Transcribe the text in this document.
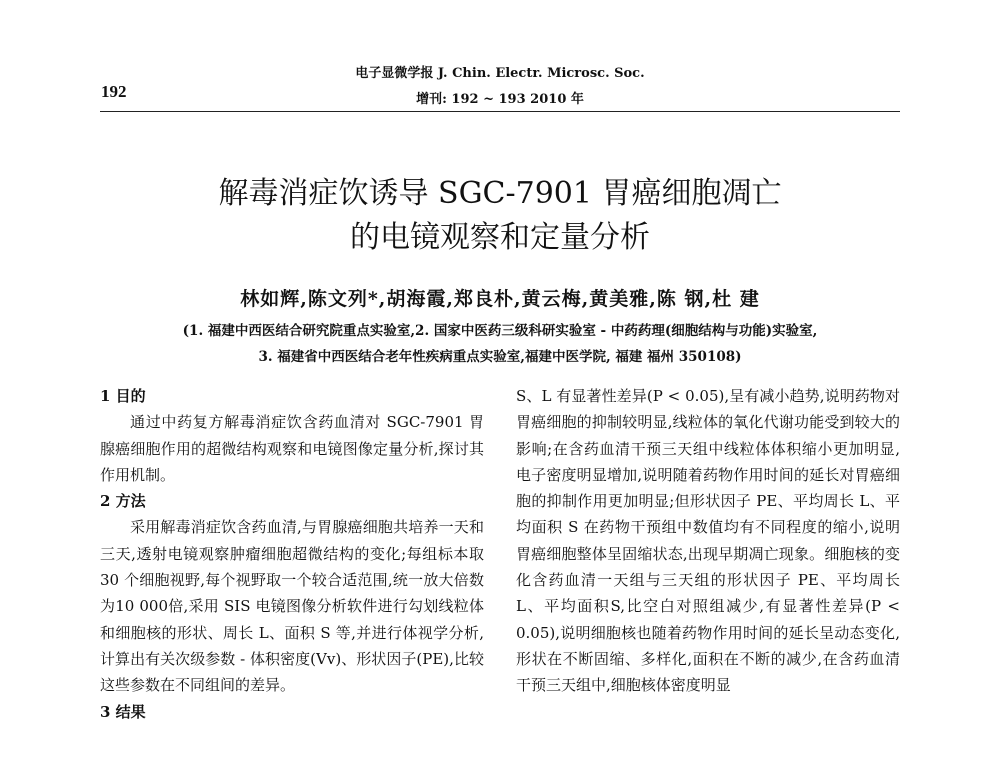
192
电子显微学报 J. Chin. Electr. Microsc. Soc.
增刊: 192 ~ 193 2010 年
解毒消症饮诱导 SGC-7901 胃癌细胞凋亡
的电镜观察和定量分析
林如辉,陈文列*,胡海霞,郑良朴,黄云梅,黄美雅,陈 钢,杜 建
(1. 福建中西医结合研究院重点实验室,2. 国家中医药三级科研实验室 - 中药药理(细胞结构与功能)实验室,
3. 福建省中西医结合老年性疾病重点实验室,福建中医学院, 福建 福州 350108)
1 目的
通过中药复方解毒消症饮含药血清对 SGC-7901 胃腺癌细胞作用的超微结构观察和电镜图像定量分析,探讨其作用机制。
2 方法
采用解毒消症饮含药血清,与胃腺癌细胞共培养一天和三天,透射电镜观察肿瘤细胞超微结构的变化;每组标本取 30 个细胞视野,每个视野取一个较合适范围,统一放大倍数为10 000倍,采用 SIS 电镜图像分析软件进行勾划线粒体和细胞核的形状、周长 L、面积 S 等,并进行体视学分析,计算出有关次级参数 - 体积密度(Vv)、形状因子(PE),比较这些参数在不同组间的差异。
3 结果
S、L 有显著性差异(P < 0.05),呈有减小趋势,说明药物对胃癌细胞的抑制较明显,线粒体的氧化代谢功能受到较大的影响;在含药血清干预三天组中线粒体体积缩小更加明显,电子密度明显增加,说明随着药物作用时间的延长对胃癌细胞的抑制作用更加明显;但形状因子 PE、平均周长 L、平均面积 S 在药物干预组中数值均有不同程度的缩小,说明胃癌细胞整体呈固缩状态,出现早期凋亡现象。细胞核的变化含药血清一天组与三天组的形状因子 PE、平均周长 L、平均面积S,比空白对照组减少,有显著性差异(P < 0.05),说明细胞核也随着药物作用时间的延长呈动态变化,形状在不断固缩、多样化,面积在不断的减少,在含药血清干预三天组中,细胞核体密度明显
